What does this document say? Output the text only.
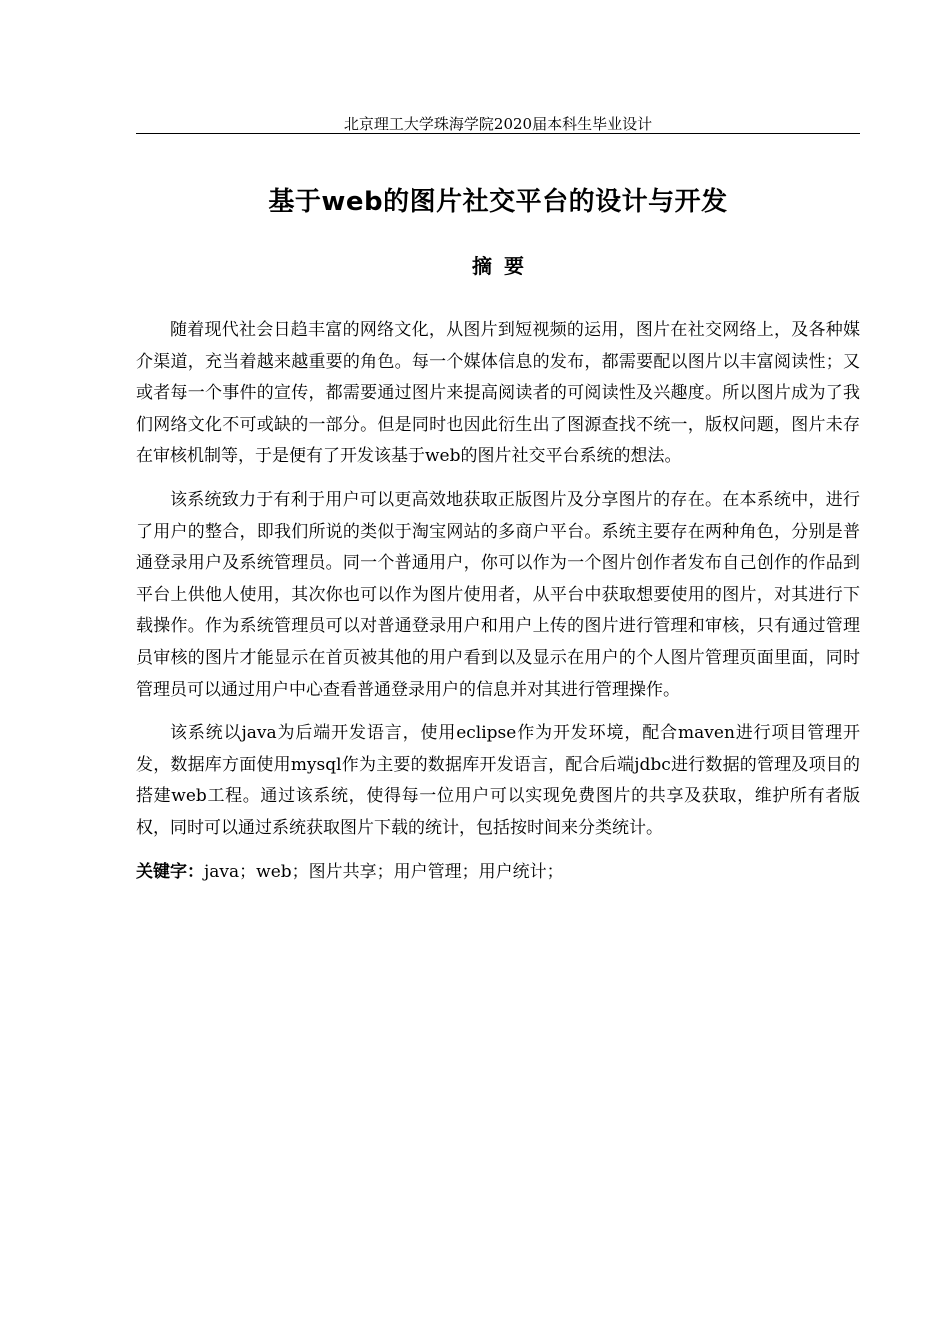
北京理工大学珠海学院2020届本科生毕业设计
基于web的图片社交平台的设计与开发
摘要

随着现代社会日趋丰富的网络文化，从图片到短视频的运用，图片在社交网络上，及各种媒介渠道，充当着越来越重要的角色。每一个媒体信息的发布，都需要配以图片以丰富阅读性；又或者每一个事件的宣传，都需要通过图片来提高阅读者的可阅读性及兴趣度。所以图片成为了我们网络文化不可或缺的一部分。但是同时也因此衍生出了图源查找不统一，版权问题，图片未存在审核机制等，于是便有了开发该基于web的图片社交平台系统的想法。

该系统致力于有利于用户可以更高效地获取正版图片及分享图片的存在。在本系统中，进行了用户的整合，即我们所说的类似于淘宝网站的多商户平台。系统主要存在两种角色，分别是普通登录用户及系统管理员。同一个普通用户，你可以作为一个图片创作者发布自己创作的作品到平台上供他人使用，其次你也可以作为图片使用者，从平台中获取想要使用的图片，对其进行下载操作。作为系统管理员可以对普通登录用户和用户上传的图片进行管理和审核，只有通过管理员审核的图片才能显示在首页被其他的用户看到以及显示在用户的个人图片管理页面里面，同时管理员可以通过用户中心查看普通登录用户的信息并对其进行管理操作。

该系统以java为后端开发语言，使用eclipse作为开发环境，配合maven进行项目管理开发，数据库方面使用mysql作为主要的数据库开发语言，配合后端jdbc进行数据的管理及项目的搭建web工程。通过该系统，使得每一位用户可以实现免费图片的共享及获取，维护所有者版权，同时可以通过系统获取图片下载的统计，包括按时间来分类统计。

关键字：java；web；图片共享；用户管理；用户统计；
